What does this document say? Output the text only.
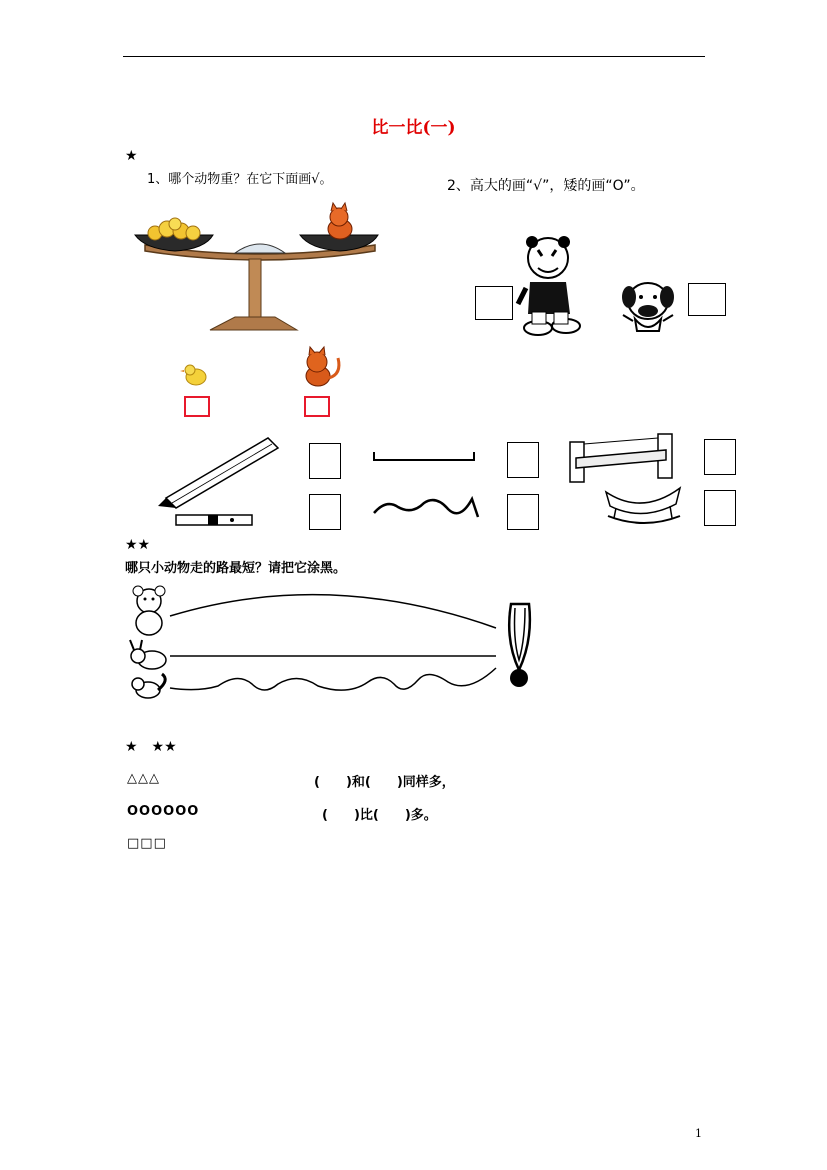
比一比(一)
★
1、哪个动物重？在它下面画√。	2、高大的画“√”，矮的画“O”。
★★
哪只小动物走的路最短？请把它涂黑。
★　★★
△△△	(　　)和(　　)同样多，
OOOOOO	(　　)比(　　)多。
□□□
1
